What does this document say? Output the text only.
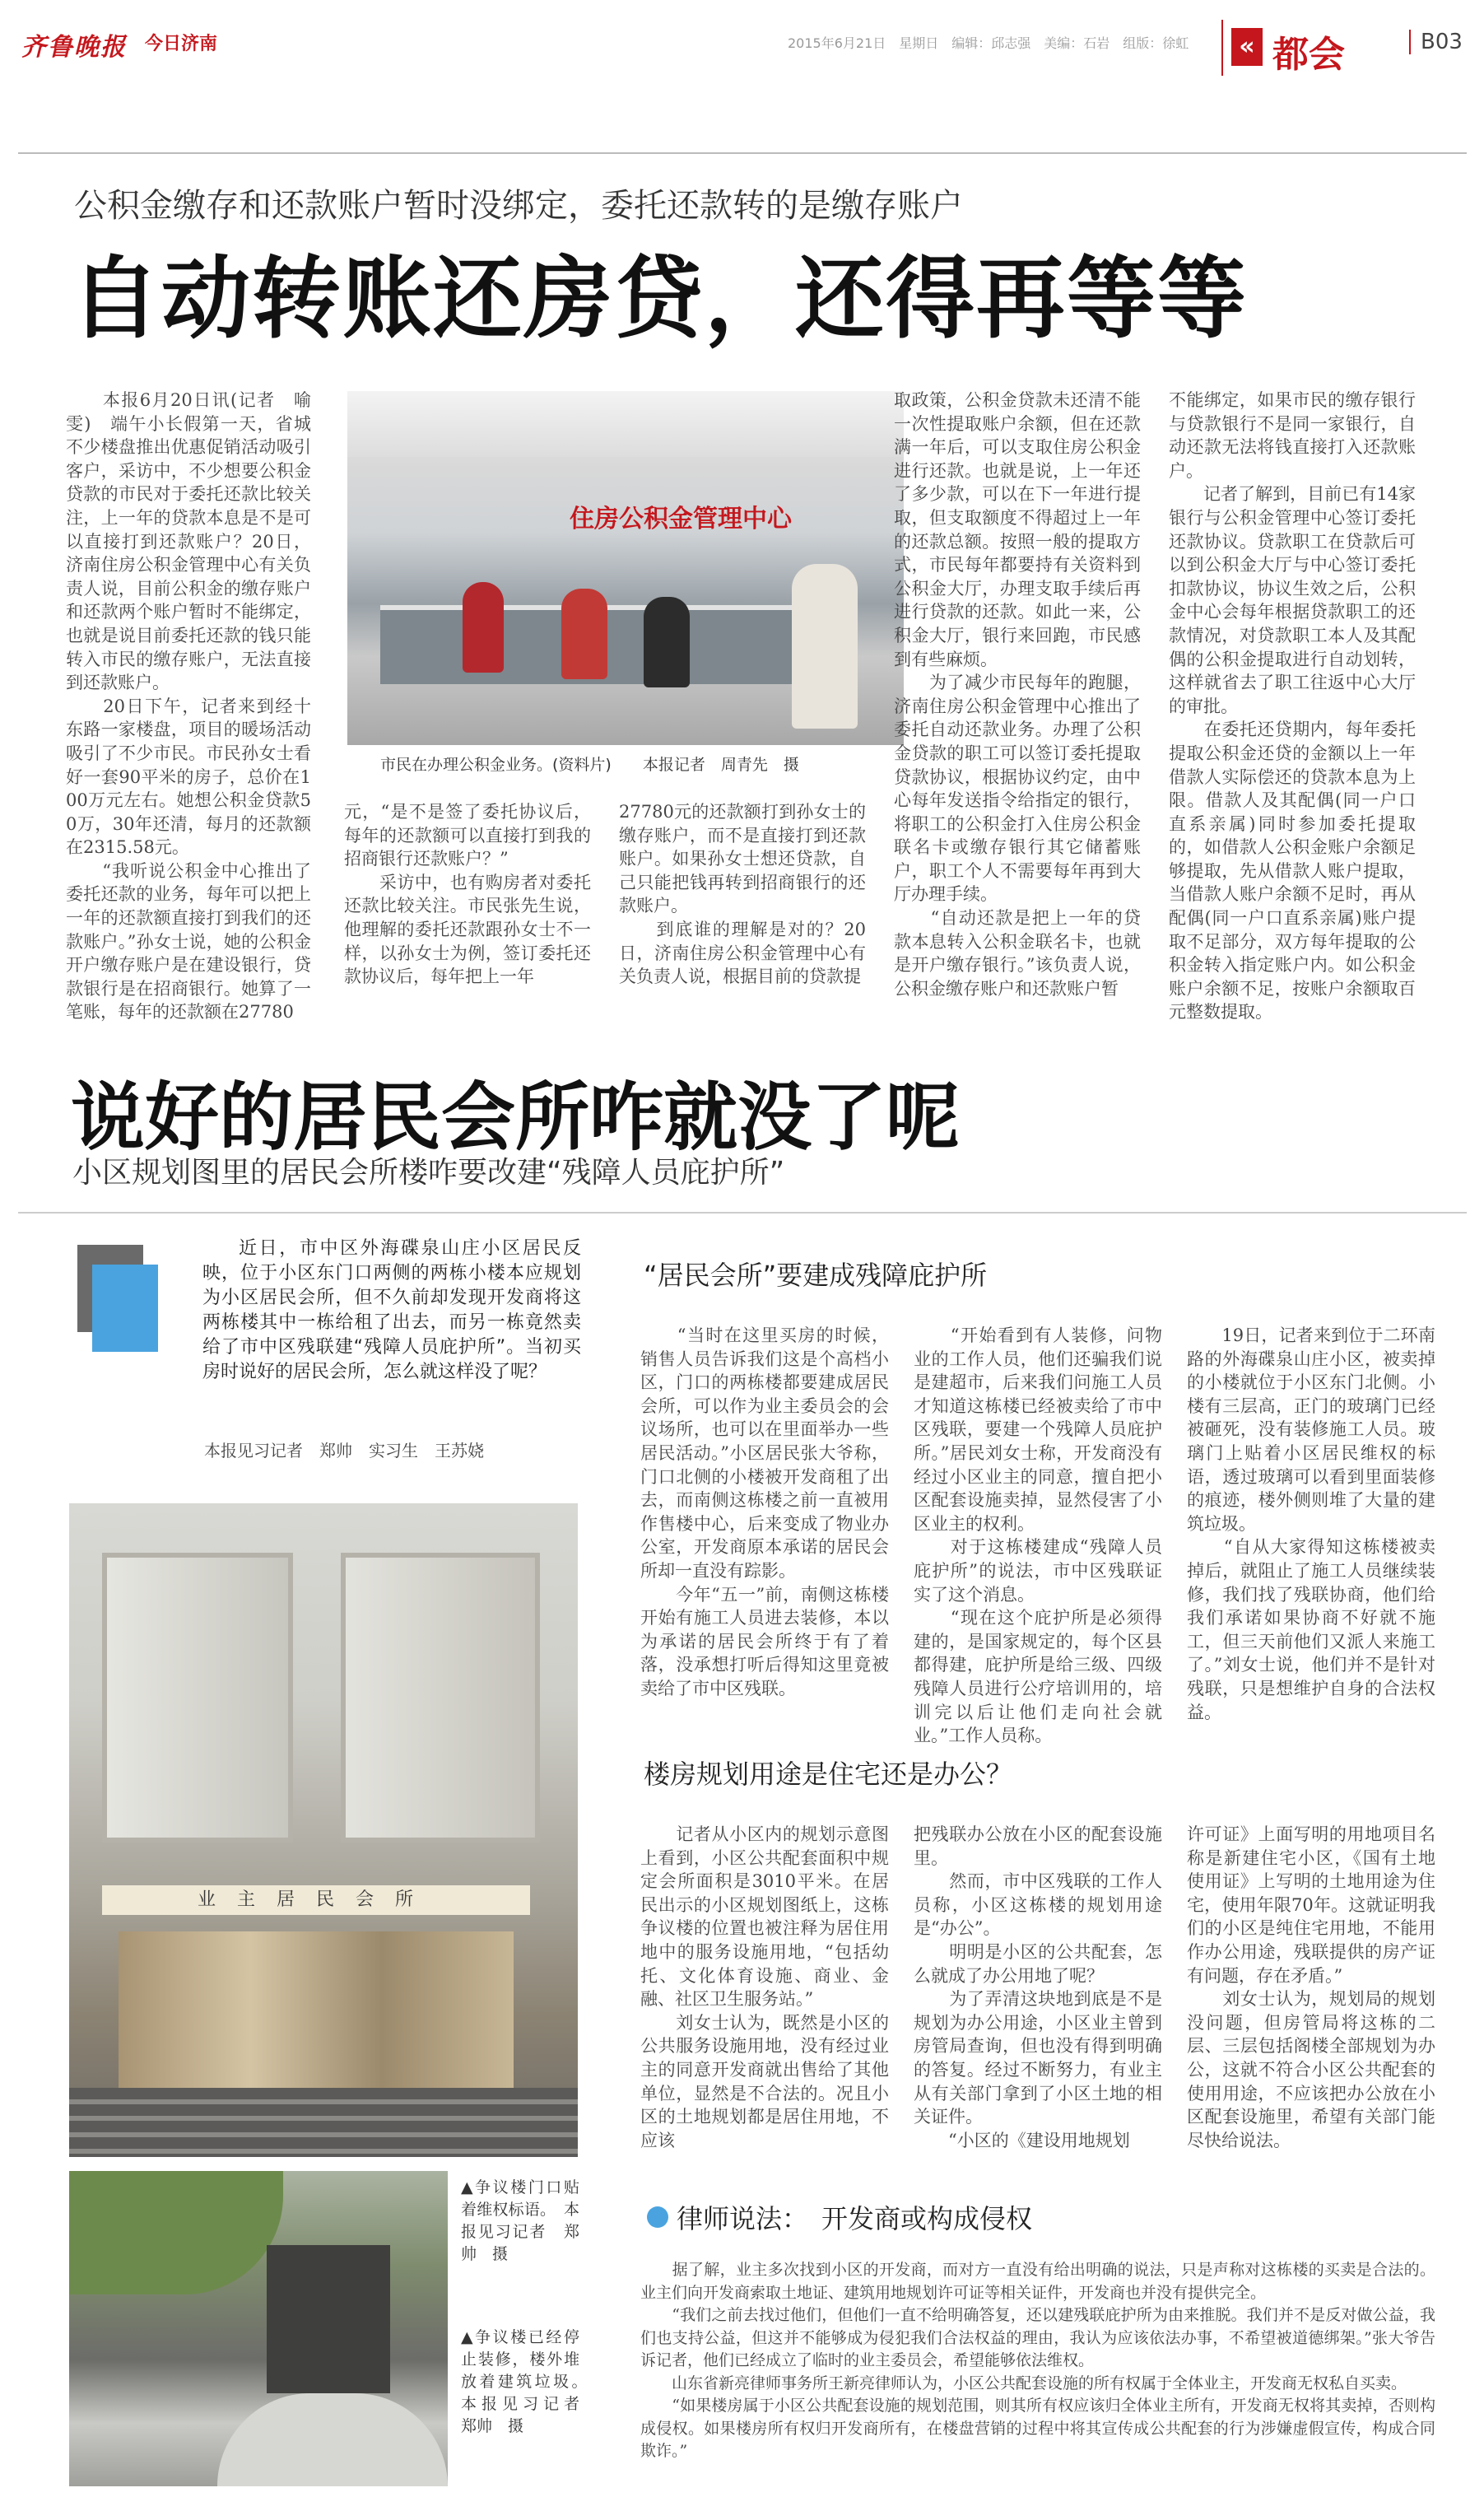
齐鲁晚报 今日济南	2015年6月21日　星期日　编辑：邱志强　美编：石岩　组版：徐虹	« 都会	B03
公积金缴存和还款账户暂时没绑定，委托还款转的是缴存账户
自动转账还房贷，还得再等等
　　本报6月20日讯(记者　喻雯)　端午小长假第一天，省城不少楼盘推出优惠促销活动吸引客户，采访中，不少想要公积金贷款的市民对于委托还款比较关注，上一年的贷款本息是不是可以直接打到还款账户？20日，济南住房公积金管理中心有关负责人说，目前公积金的缴存账户和还款两个账户暂时不能绑定，也就是说目前委托还款的钱只能转入市民的缴存账户，无法直接到还款账户。
　　20日下午，记者来到经十东路一家楼盘，项目的暖场活动吸引了不少市民。市民孙女士看好一套90平米的房子，总价在100万元左右。她想公积金贷款50万，30年还清，每月的还款额在2315.58元。
　　“我听说公积金中心推出了委托还款的业务，每年可以把上一年的还款额直接打到我们的还款账户。”孙女士说，她的公积金开户缴存账户是在建设银行，贷款银行是在招商银行。她算了一笔账，每年的还款额在27780
住房公积金管理中心
市民在办理公积金业务。(资料片)　　本报记者　周青先　摄
元，“是不是签了委托协议后，每年的还款额可以直接打到我的招商银行还款账户？”
　　采访中，也有购房者对委托还款比较关注。市民张先生说，他理解的委托还款跟孙女士不一样，以孙女士为例，签订委托还款协议后，每年把上一年
27780元的还款额打到孙女士的缴存账户，而不是直接打到还款账户。如果孙女士想还贷款，自己只能把钱再转到招商银行的还款账户。
　　到底谁的理解是对的？20日，济南住房公积金管理中心有关负责人说，根据目前的贷款提
取政策，公积金贷款未还清不能一次性提取账户余额，但在还款满一年后，可以支取住房公积金进行还款。也就是说，上一年还了多少款，可以在下一年进行提取，但支取额度不得超过上一年的还款总额。按照一般的提取方式，市民每年都要持有关资料到公积金大厅，办理支取手续后再进行贷款的还款。如此一来，公积金大厅，银行来回跑，市民感到有些麻烦。
　　为了减少市民每年的跑腿，济南住房公积金管理中心推出了委托自动还款业务。办理了公积金贷款的职工可以签订委托提取贷款协议，根据协议约定，由中心每年发送指令给指定的银行，将职工的公积金打入住房公积金联名卡或缴存银行其它储蓄账户，职工个人不需要每年再到大厅办理手续。
　　“自动还款是把上一年的贷款本息转入公积金联名卡，也就是开户缴存银行。”该负责人说，公积金缴存账户和还款账户暂
不能绑定，如果市民的缴存银行与贷款银行不是同一家银行，自动还款无法将钱直接打入还款账户。
　　记者了解到，目前已有14家银行与公积金管理中心签订委托还款协议。贷款职工在贷款后可以到公积金大厅与中心签订委托扣款协议，协议生效之后，公积金中心会每年根据贷款职工的还款情况，对贷款职工本人及其配偶的公积金提取进行自动划转，这样就省去了职工往返中心大厅的审批。
　　在委托还贷期内，每年委托提取公积金还贷的金额以上一年借款人实际偿还的贷款本息为上限。借款人及其配偶(同一户口直系亲属)同时参加委托提取的，如借款人公积金账户余额足够提取，先从借款人账户提取，当借款人账户余额不足时，再从配偶(同一户口直系亲属)账户提取不足部分，双方每年提取的公积金转入指定账户内。如公积金账户余额不足，按账户余额取百元整数提取。
说好的居民会所咋就没了呢
小区规划图里的居民会所楼咋要改建“残障人员庇护所”
近日，市中区外海碟泉山庄小区居民反映，位于小区东门口两侧的两栋小楼本应规划为小区居民会所，但不久前却发现开发商将这两栋楼其中一栋给租了出去，而另一栋竟然卖给了市中区残联建“残障人员庇护所”。当初买房时说好的居民会所，怎么就这样没了呢？
本报见习记者　郑帅　实习生　王苏娆
业主居民会所
▲争议楼门口贴着维权标语。　本报见习记者　郑帅　摄
▲争议楼已经停止装修，楼外堆放着建筑垃圾。　本报见习记者　郑帅　摄
“居民会所”要建成残障庇护所
　　“当时在这里买房的时候，销售人员告诉我们这是个高档小区，门口的两栋楼都要建成居民会所，可以作为业主委员会的会议场所，也可以在里面举办一些居民活动。”小区居民张大爷称，门口北侧的小楼被开发商租了出去，而南侧这栋楼之前一直被用作售楼中心，后来变成了物业办公室，开发商原本承诺的居民会所却一直没有踪影。
　　今年“五一”前，南侧这栋楼开始有施工人员进去装修，本以为承诺的居民会所终于有了着落，没承想打听后得知这里竟被卖给了市中区残联。
　　“开始看到有人装修，问物业的工作人员，他们还骗我们说是建超市，后来我们问施工人员才知道这栋楼已经被卖给了市中区残联，要建一个残障人员庇护所。”居民刘女士称，开发商没有经过小区业主的同意，擅自把小区配套设施卖掉，显然侵害了小区业主的权利。
　　对于这栋楼建成“残障人员庇护所”的说法，市中区残联证实了这个消息。
　　“现在这个庇护所是必须得建的，是国家规定的，每个区县都得建，庇护所是给三级、四级残障人员进行公疗培训用的，培训完以后让他们走向社会就业。”工作人员称。
　　19日，记者来到位于二环南路的外海碟泉山庄小区，被卖掉的小楼就位于小区东门北侧。小楼有三层高，正门的玻璃门已经被砸死，没有装修施工人员。玻璃门上贴着小区居民维权的标语，透过玻璃可以看到里面装修的痕迹，楼外侧则堆了大量的建筑垃圾。
　　“自从大家得知这栋楼被卖掉后，就阻止了施工人员继续装修，我们找了残联协商，他们给我们承诺如果协商不好就不施工，但三天前他们又派人来施工了。”刘女士说，他们并不是针对残联，只是想维护自身的合法权益。
楼房规划用途是住宅还是办公？
　　记者从小区内的规划示意图上看到，小区公共配套面积中规定会所面积是3010平米。在居民出示的小区规划图纸上，这栋争议楼的位置也被注释为居住用地中的服务设施用地，“包括幼托、文化体育设施、商业、金融、社区卫生服务站。”
　　刘女士认为，既然是小区的公共服务设施用地，没有经过业主的同意开发商就出售给了其他单位，显然是不合法的。况且小区的土地规划都是居住用地，不应该
把残联办公放在小区的配套设施里。
　　然而，市中区残联的工作人员称，小区这栋楼的规划用途是“办公”。
　　明明是小区的公共配套，怎么就成了办公用地了呢？
　　为了弄清这块地到底是不是规划为办公用途，小区业主曾到房管局查询，但也没有得到明确的答复。经过不断努力，有业主从有关部门拿到了小区土地的相关证件。
　　“小区的《建设用地规划
许可证》上面写明的用地项目名称是新建住宅小区，《国有土地使用证》上写明的土地用途为住宅，使用年限70年。这就证明我们的小区是纯住宅用地，不能用作办公用途，残联提供的房产证有问题，存在矛盾。”
　　刘女士认为，规划局的规划没问题，但房管局将这栋的二层、三层包括阁楼全部规划为办公，这就不符合小区公共配套的使用用途，不应该把办公放在小区配套设施里，希望有关部门能尽快给说法。
律师说法：　开发商或构成侵权
　　据了解，业主多次找到小区的开发商，而对方一直没有给出明确的说法，只是声称对这栋楼的买卖是合法的。业主们向开发商索取土地证、建筑用地规划许可证等相关证件，开发商也并没有提供完全。
　　“我们之前去找过他们，但他们一直不给明确答复，还以建残联庇护所为由来推脱。我们并不是反对做公益，我们也支持公益，但这并不能够成为侵犯我们合法权益的理由，我认为应该依法办事，不希望被道德绑架。”张大爷告诉记者，他们已经成立了临时的业主委员会，希望能够依法维权。
　　山东省新亮律师事务所王新亮律师认为，小区公共配套设施的所有权属于全体业主，开发商无权私自买卖。
　　“如果楼房属于小区公共配套设施的规划范围，则其所有权应该归全体业主所有，开发商无权将其卖掉，否则构成侵权。如果楼房所有权归开发商所有，在楼盘营销的过程中将其宣传成公共配套的行为涉嫌虚假宣传，构成合同欺诈。”
